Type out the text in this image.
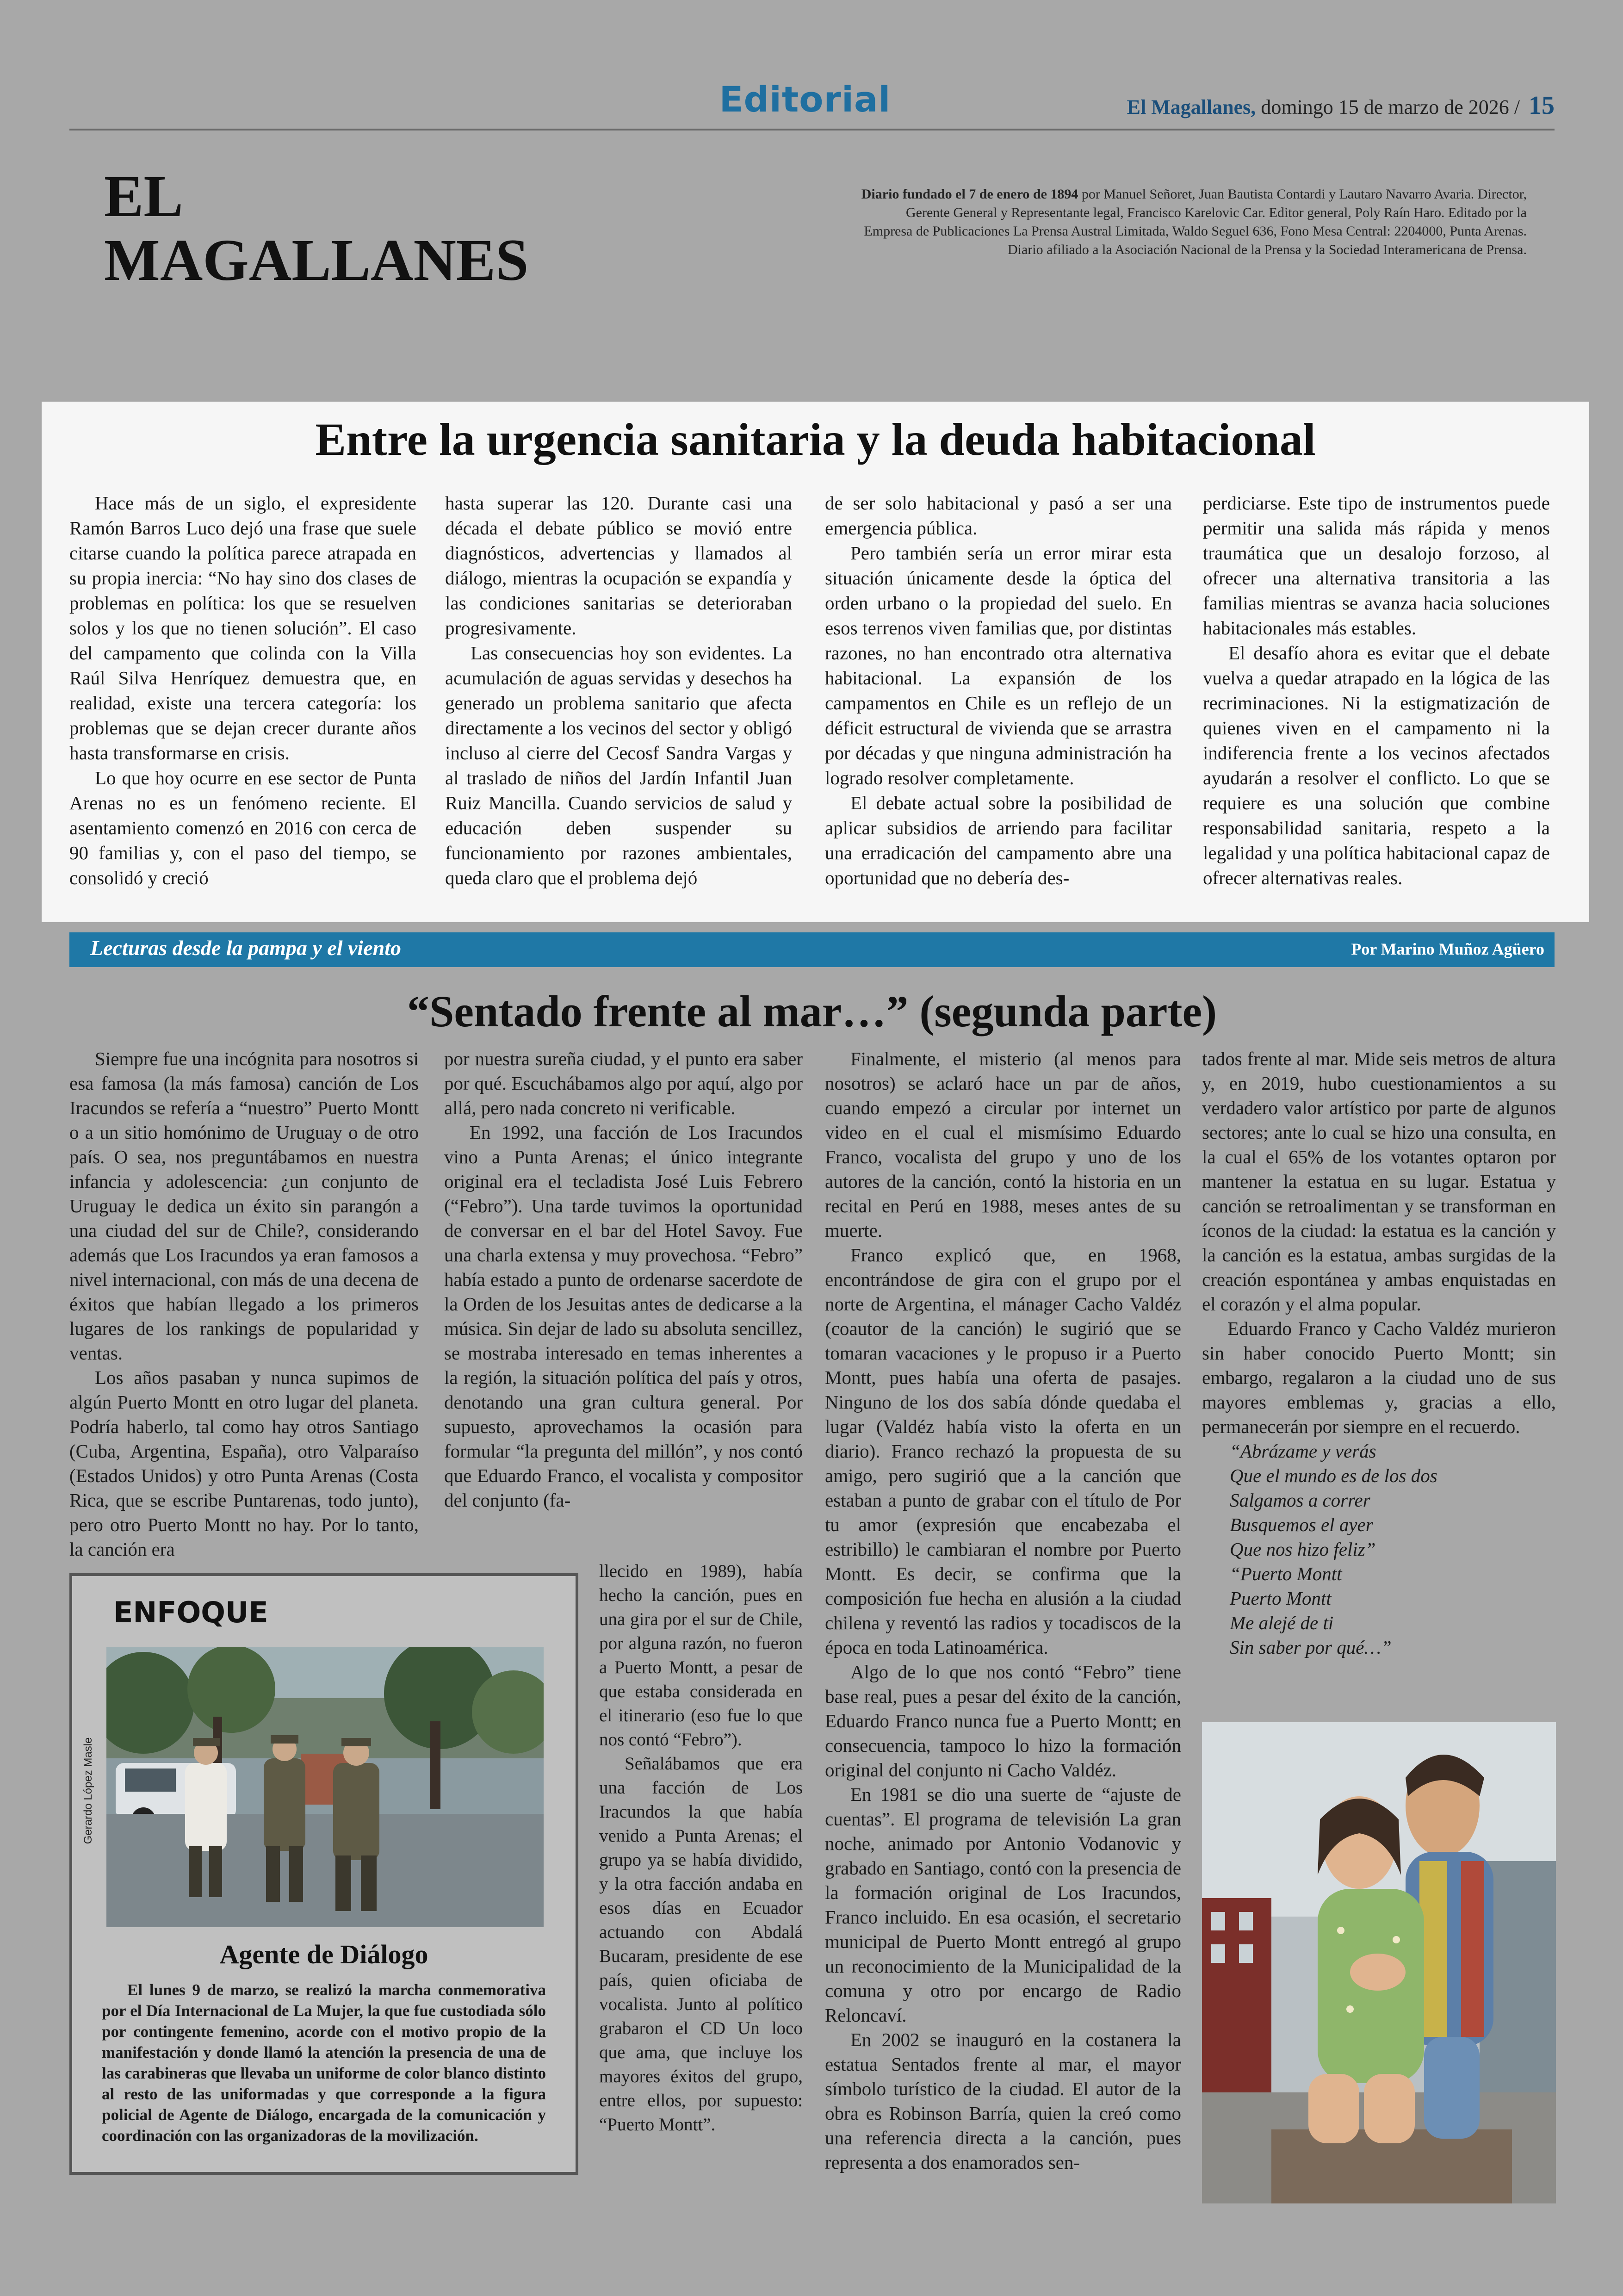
Editorial	El Magallanes, domingo 15 de marzo de 2026 / 15
EL
MAGALLANES
Diario fundado el 7 de enero de 1894 por Manuel Señoret, Juan Bautista Contardi y Lautaro Navarro Avaria. Director, Gerente General y Representante legal, Francisco Karelovic Car. Editor general, Poly Raín Haro. Editado por la Empresa de Publicaciones La Prensa Austral Limitada, Waldo Seguel 636, Fono Mesa Central: 2204000, Punta Arenas. Diario afiliado a la Asociación Nacional de la Prensa y la Sociedad Interamericana de Prensa.
Entre la urgencia sanitaria y la deuda habitacional

Hace más de un siglo, el expresidente Ramón Barros Luco dejó una frase que suele citarse cuando la política parece atrapada en su propia inercia: “No hay sino dos clases de problemas en política: los que se resuelven solos y los que no tienen solución”. El caso del campamento que colinda con la Villa Raúl Silva Henríquez demuestra que, en realidad, existe una tercera categoría: los problemas que se dejan crecer durante años hasta transformarse en crisis.

Lo que hoy ocurre en ese sector de Punta Arenas no es un fenómeno reciente. El asentamiento comenzó en 2016 con cerca de 90 familias y, con el paso del tiempo, se consolidó y creció

hasta superar las 120. Durante casi una década el debate público se movió entre diagnósticos, advertencias y llamados al diálogo, mientras la ocupación se expandía y las condiciones sanitarias se deterioraban progresivamente.

Las consecuencias hoy son evidentes. La acumulación de aguas servidas y desechos ha generado un problema sanitario que afecta directamente a los vecinos del sector y obligó incluso al cierre del Cecosf Sandra Vargas y al traslado de niños del Jardín Infantil Juan Ruiz Mancilla. Cuando servicios de salud y educación deben suspender su funcionamiento por razones ambientales, queda claro que el problema dejó

de ser solo habitacional y pasó a ser una emergencia pública.

Pero también sería un error mirar esta situación únicamente desde la óptica del orden urbano o la propiedad del suelo. En esos terrenos viven familias que, por distintas razones, no han encontrado otra alternativa habitacional. La expansión de los campamentos en Chile es un reflejo de un déficit estructural de vivienda que se arrastra por décadas y que ninguna administración ha logrado resolver completamente.

El debate actual sobre la posibilidad de aplicar subsidios de arriendo para facilitar una erradicación del campamento abre una oportunidad que no debería des-

perdiciarse. Este tipo de instrumentos puede permitir una salida más rápida y menos traumática que un desalojo forzoso, al ofrecer una alternativa transitoria a las familias mientras se avanza hacia soluciones habitacionales más estables.

El desafío ahora es evitar que el debate vuelva a quedar atrapado en la lógica de las recriminaciones. Ni la estigmatización de quienes viven en el campamento ni la indiferencia frente a los vecinos afectados ayudarán a resolver el conflicto. Lo que se requiere es una solución que combine responsabilidad sanitaria, respeto a la legalidad y una política habitacional capaz de ofrecer alternativas reales.

Lecturas desde la pampa y el viento	Por Marino Muñoz Agüero
“Sentado frente al mar…” (segunda parte)

Siempre fue una incógnita para nosotros si esa famosa (la más famosa) canción de Los Iracundos se refería a “nuestro” Puerto Montt o a un sitio homónimo de Uruguay o de otro país. O sea, nos preguntábamos en nuestra infancia y adolescencia: ¿un conjunto de Uruguay le dedica un éxito sin parangón a una ciudad del sur de Chile?, considerando además que Los Iracundos ya eran famosos a nivel internacional, con más de una decena de éxitos que habían llegado a los primeros lugares de los rankings de popularidad y ventas.

Los años pasaban y nunca supimos de algún Puerto Montt en otro lugar del planeta. Podría haberlo, tal como hay otros Santiago (Cuba, Argentina, España), otro Valparaíso (Estados Unidos) y otro Punta Arenas (Costa Rica, que se escribe Puntarenas, todo junto), pero otro Puerto Montt no hay. Por lo tanto, la canción era

por nuestra sureña ciudad, y el punto era saber por qué. Escuchábamos algo por aquí, algo por allá, pero nada concreto ni verificable.

En 1992, una facción de Los Iracundos vino a Punta Arenas; el único integrante original era el tecladista José Luis Febrero (“Febro”). Una tarde tuvimos la oportunidad de conversar en el bar del Hotel Savoy. Fue una charla extensa y muy provechosa. “Febro” había estado a punto de ordenarse sacerdote de la Orden de los Jesuitas antes de dedicarse a la música. Sin dejar de lado su absoluta sencillez, se mostraba interesado en temas inherentes a la región, la situación política del país y otros, denotando una gran cultura general. Por supuesto, aprovechamos la ocasión para formular “la pregunta del millón”, y nos contó que Eduardo Franco, el vocalista y compositor del conjunto (fa-

llecido en 1989), había hecho la canción, pues en una gira por el sur de Chile, por alguna razón, no fueron a Puerto Montt, a pesar de que estaba considerada en el itinerario (eso fue lo que nos contó “Febro”).

Señalábamos que era una facción de Los Iracundos la que había venido a Punta Arenas; el grupo ya se había dividido, y la otra facción andaba en esos días en Ecuador actuando con Abdalá Bucaram, presidente de ese país, quien oficiaba de vocalista. Junto al político grabaron el CD Un loco que ama, que incluye los mayores éxitos del grupo, entre ellos, por supuesto: “Puerto Montt”.

Finalmente, el misterio (al menos para nosotros) se aclaró hace un par de años, cuando empezó a circular por internet un video en el cual el mismísimo Eduardo Franco, vocalista del grupo y uno de los autores de la canción, contó la historia en un recital en Perú en 1988, meses antes de su muerte.

Franco explicó que, en 1968, encontrándose de gira con el grupo por el norte de Argentina, el mánager Cacho Valdéz (coautor de la canción) le sugirió que se tomaran vacaciones y le propuso ir a Puerto Montt, pues había una oferta de pasajes. Ninguno de los dos sabía dónde quedaba el lugar (Valdéz había visto la oferta en un diario). Franco rechazó la propuesta de su amigo, pero sugirió que a la canción que estaban a punto de grabar con el título de Por tu amor (expresión que encabezaba el estribillo) le cambiaran el nombre por Puerto Montt. Es decir, se confirma que la composición fue hecha en alusión a la ciudad chilena y reventó las radios y tocadiscos de la época en toda Latinoamérica.

Algo de lo que nos contó “Febro” tiene base real, pues a pesar del éxito de la canción, Eduardo Franco nunca fue a Puerto Montt; en consecuencia, tampoco lo hizo la formación original del conjunto ni Cacho Valdéz.

En 1981 se dio una suerte de “ajuste de cuentas”. El programa de televisión La gran noche, animado por Antonio Vodanovic y grabado en Santiago, contó con la presencia de la formación original de Los Iracundos, Franco incluido. En esa ocasión, el secretario municipal de Puerto Montt entregó al grupo un reconocimiento de la Municipalidad de la comuna y otro por encargo de Radio Reloncaví.

En 2002 se inauguró en la costanera la estatua Sentados frente al mar, el mayor símbolo turístico de la ciudad. El autor de la obra es Robinson Barría, quien la creó como una referencia directa a la canción, pues representa a dos enamorados sen-

tados frente al mar. Mide seis metros de altura y, en 2019, hubo cuestionamientos a su verdadero valor artístico por parte de algunos sectores; ante lo cual se hizo una consulta, en la cual el 65% de los votantes optaron por mantener la estatua en su lugar. Estatua y canción se retroalimentan y se transforman en íconos de la ciudad: la estatua es la canción y la canción es la estatua, ambas surgidas de la creación espontánea y ambas enquistadas en el corazón y el alma popular.

Eduardo Franco y Cacho Valdéz murieron sin haber conocido Puerto Montt; sin embargo, regalaron a la ciudad uno de sus mayores emblemas y, gracias a ello, permanecerán por siempre en el recuerdo.

“Abrázame y verás

Que el mundo es de los dos

Salgamos a correr

Busquemos el ayer

Que nos hizo feliz”

“Puerto Montt

Puerto Montt

Me alejé de ti

Sin saber por qué…”

ENFOQUE
Gerardo López Masle
Agente de Diálogo
El lunes 9 de marzo, se realizó la marcha conmemorativa por el Día Internacional de La Mujer, la que fue custodiada sólo por contingente femenino, acorde con el motivo propio de la manifestación y donde llamó la atención la presencia de una de las carabineras que llevaba un uniforme de color blanco distinto al resto de las uniformadas y que corresponde a la figura policial de Agente de Diálogo, encargada de la comunicación y coordinación con las organizadoras de la movilización.
